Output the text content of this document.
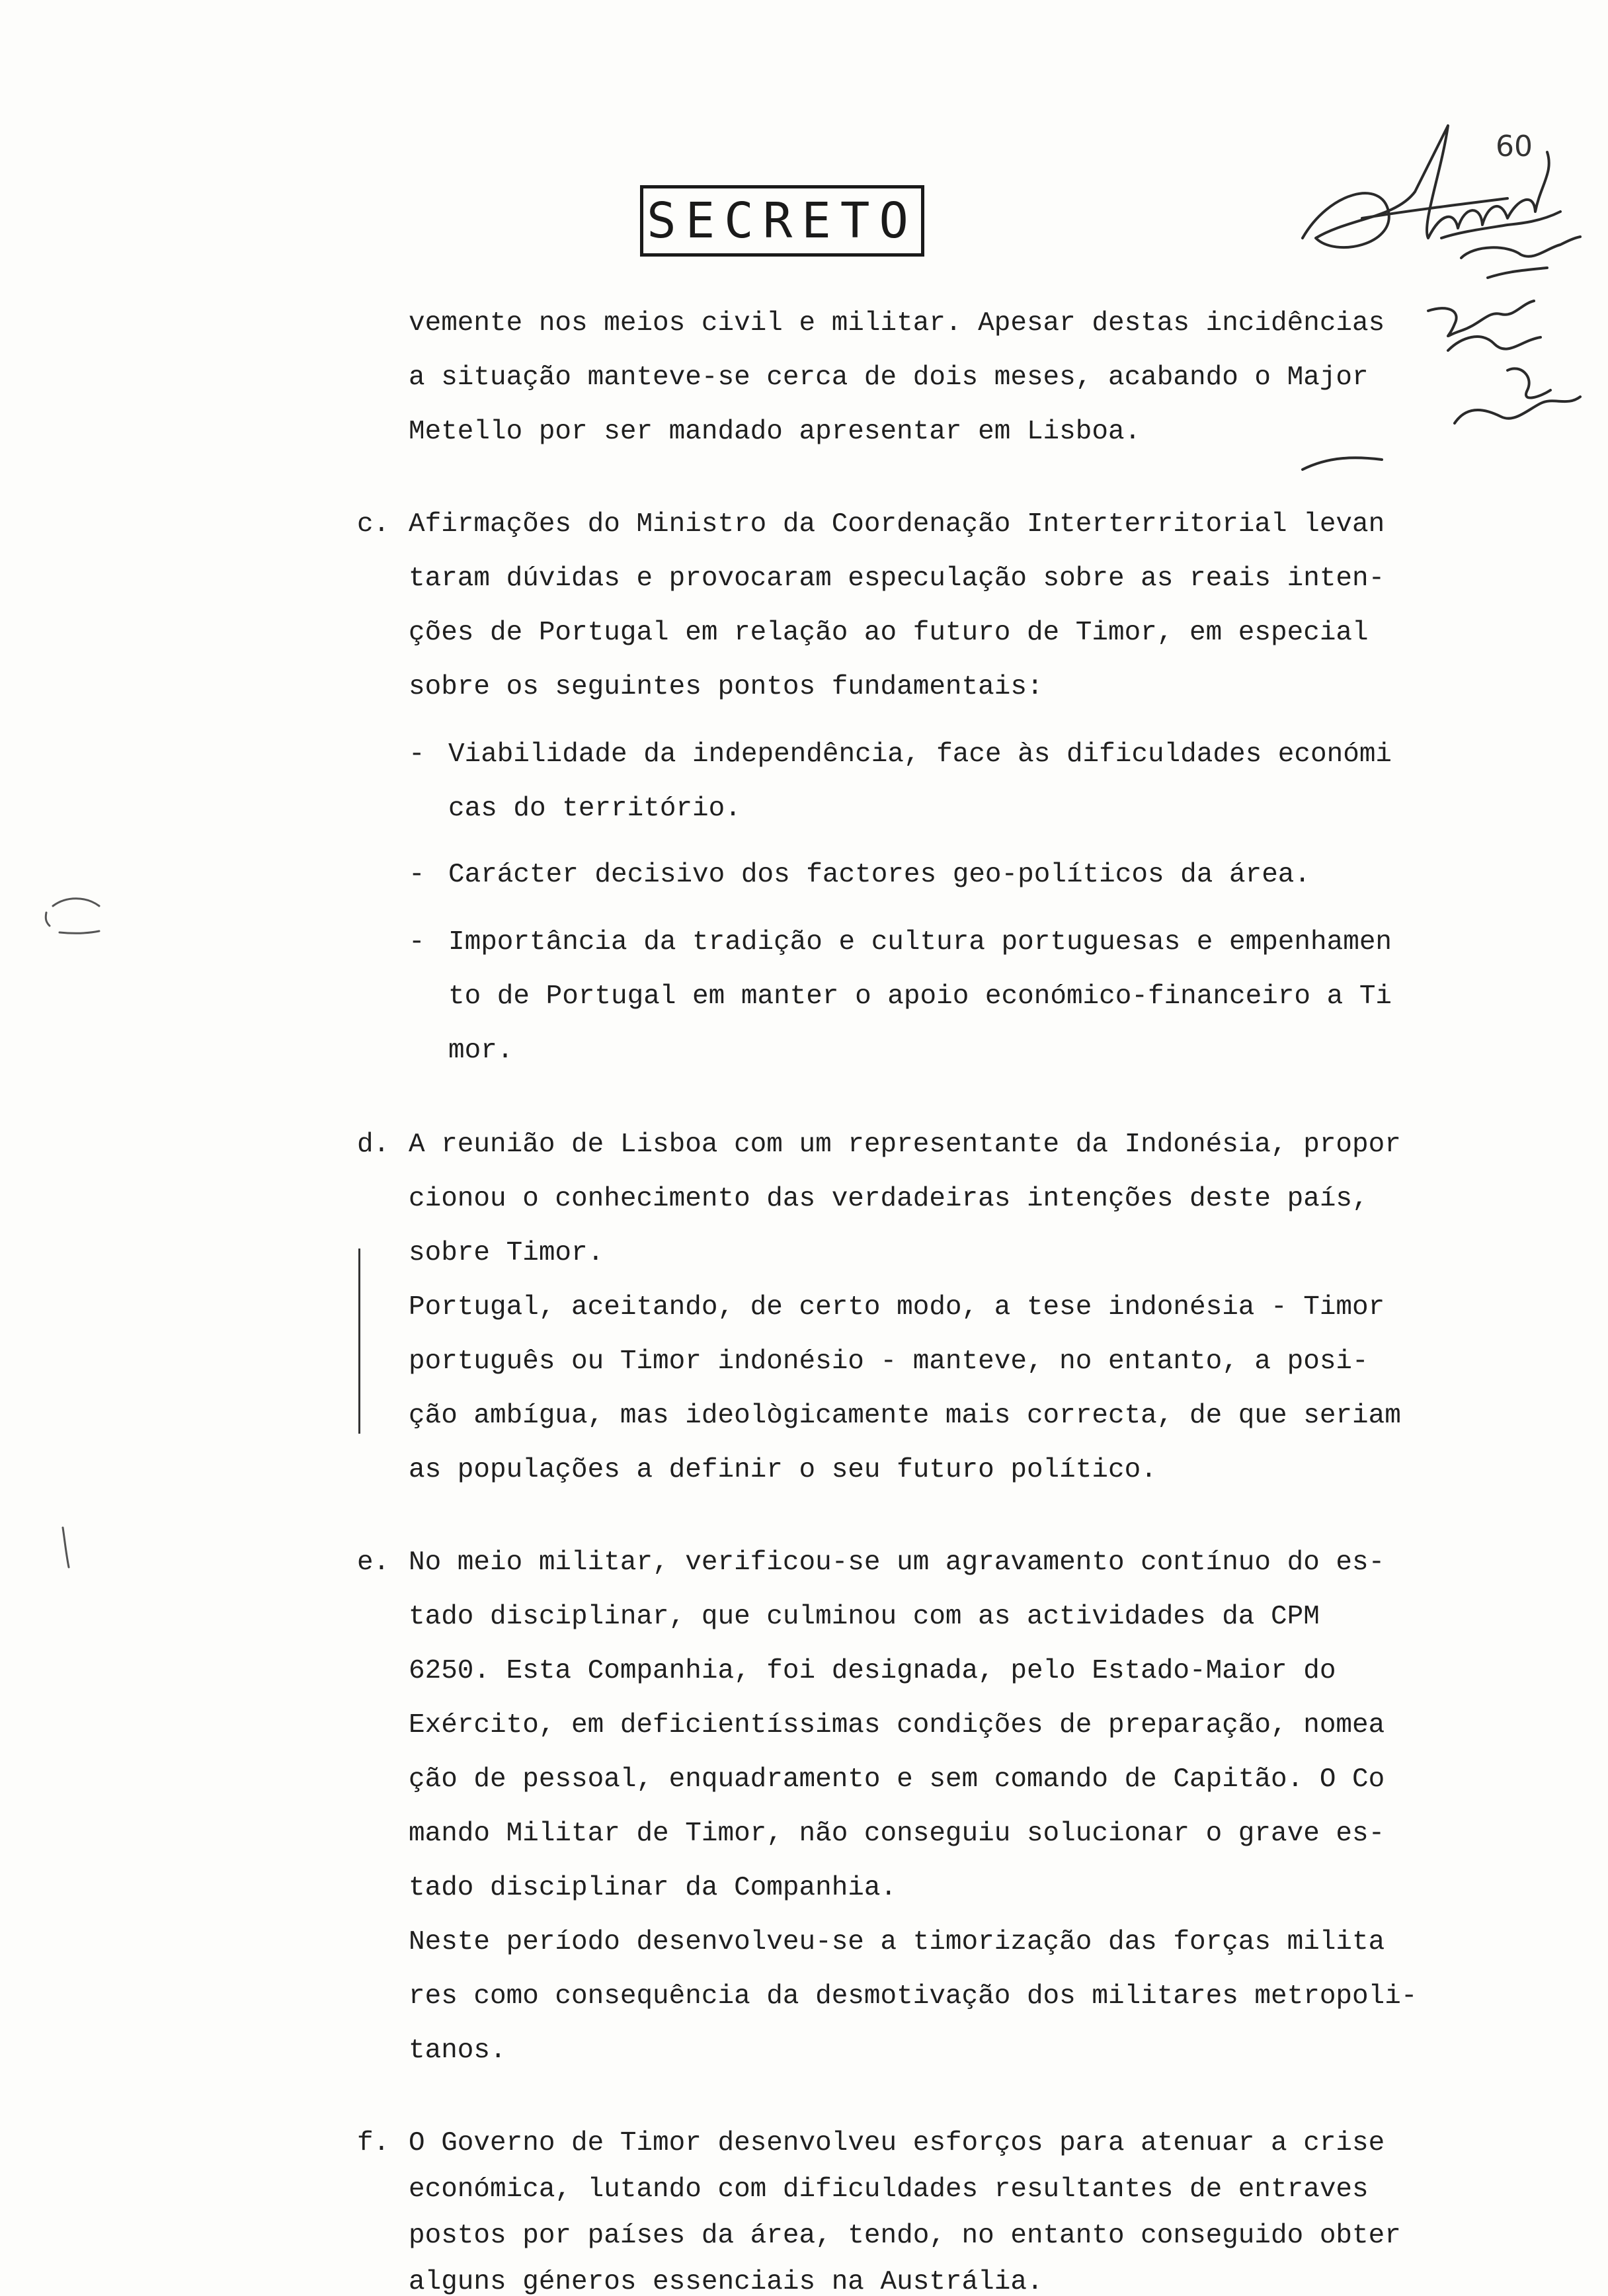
60
SECRETO
vemente nos meios civil e militar. Apesar destas incidências
a situação manteve-se cerca de dois meses, acabando o Major
Metello por ser mandado apresentar em Lisboa.
c. Afirmações do Ministro da Coordenação Interterritorial levan
taram dúvidas e provocaram especulação sobre as reais inten-
ções de Portugal em relação ao futuro de Timor, em especial
sobre os seguintes pontos fundamentais:
- Viabilidade da independência, face às dificuldades económi
cas do território.
- Carácter decisivo dos factores geo-políticos da área.
- Importância da tradição e cultura portuguesas e empenhamen
to de Portugal em manter o apoio económico-financeiro a Ti
mor.
d. A reunião de Lisboa com um representante da Indonésia, propor
cionou o conhecimento das verdadeiras intenções deste país,
sobre Timor.
Portugal, aceitando, de certo modo, a tese indonésia - Timor
português ou Timor indonésio - manteve, no entanto, a posi-
ção ambígua, mas ideològicamente mais correcta, de que seriam
as populações a definir o seu futuro político.
e. No meio militar, verificou-se um agravamento contínuo do es-
tado disciplinar, que culminou com as actividades da CPM
6250. Esta Companhia, foi designada, pelo Estado-Maior do
Exército, em deficientíssimas condições de preparação, nomea
ção de pessoal, enquadramento e sem comando de Capitão. O Co
mando Militar de Timor, não conseguiu solucionar o grave es-
tado disciplinar da Companhia.
Neste período desenvolveu-se a timorização das forças milita
res como consequência da desmotivação dos militares metropoli-
tanos.
f. O Governo de Timor desenvolveu esforços para atenuar a crise
económica, lutando com dificuldades resultantes de entraves
postos por países da área, tendo, no entanto conseguido obter
alguns géneros essenciais na Austrália.
